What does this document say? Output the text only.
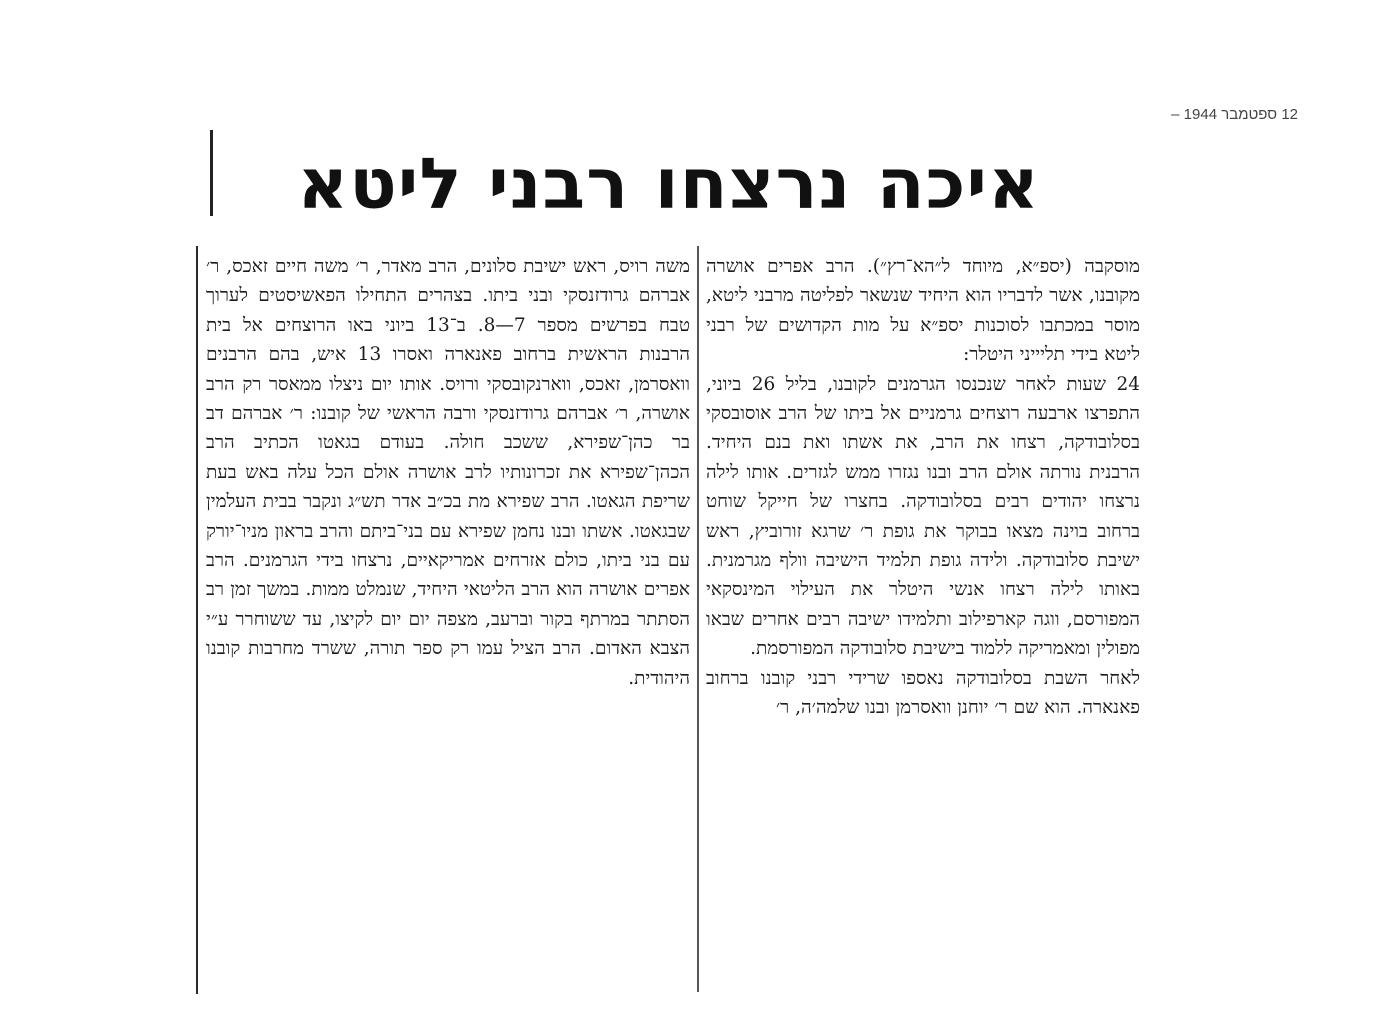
12 ספטמבר 1944 –
איכה נרצחו רבני ליטא

מוסקבה (יספ״א, מיוחד ל״הא־רץ״). הרב אפרים אושרה מקובנו, אשר לדבריו הוא היחיד שנשאר לפליטה מרבני ליטא, מוסר במכתבו לסוכנות יספ״א על מות הקדושים של רבני ליטא בידי תליייני היטלר:

24 שעות לאחר שנכנסו הגרמנים לקובנו, בליל 26 ביוני, התפרצו ארבעה רוצחים גרמניים אל ביתו של הרב אוסובסקי בסלובודקה, רצחו את הרב, את אשתו ואת בנם היחיד. הרבנית נורתה אולם הרב ובנו נגזרו ממש לגזרים. אותו לילה נרצחו יהודים רבים בסלובודקה. בחצרו של חייקל שוחט ברחוב בוינה מצאו בבוקר את גופת ר׳ שרגא זורוביץ, ראש ישיבת סלובודקה. ולידה גופת תלמיד הישיבה וולף מגרמנית. באותו לילה רצחו אנשי היטלר את העילוי המינסקאי המפורסם, ווגה קארפילוב ותלמידו ישיבה רבים אחרים שבאו מפולין ומאמריקה ללמוד בישיבת סלובודקה המפורסמת.

לאחר השבת בסלובודקה נאספו שרידי רבני קובנו ברחוב פאנארה. הוא שם ר׳ יוחנן וואסרמן ובנו שלמה׳ה, ר׳

משה רויס, ראש ישיבת סלונים, הרב מאדר, ר׳ משה חיים זאכס, ר׳ אברהם גרודזנסקי ובני ביתו. בצהרים התחילו הפאשיסטים לערוך טבח בפרשים מספר 7—8. ב־13 ביוני באו הרוצחים אל בית הרבנות הראשית ברחוב פאנארה ואסרו 13 איש, בהם הרבנים וואסרמן, זאכס, ווארנקובסקי ורויס. אותו יום ניצלו ממאסר רק הרב אושרה, ר׳ אברהם גרודזנסקי ורבה הראשי של קובנו: ר׳ אברהם דב בר כהן־שפירא, ששכב חולה. בעודם בגאטו הכתיב הרב הכהן־שפירא את זכרונותיו לרב אושרה אולם הכל עלה באש בעת שריפת הגאטו. הרב שפירא מת בכ״ב אדר תש״ג ונקבר בבית העלמין שבגאטו. אשתו ובנו נחמן שפירא עם בני־ביתם והרב בראון מניו־יורק עם בני ביתו, כולם אזרחים אמריקאיים, נרצחו בידי הגרמנים. הרב אפרים אושרה הוא הרב הליטאי היחיד, שנמלט ממות. במשך זמן רב הסתתר במרתף בקור וברעב, מצפה יום יום לקיצו, עד ששוחרר ע״י הצבא האדום. הרב הציל עמו רק ספר תורה, ששרד מחרבות קובנו היהודית.
